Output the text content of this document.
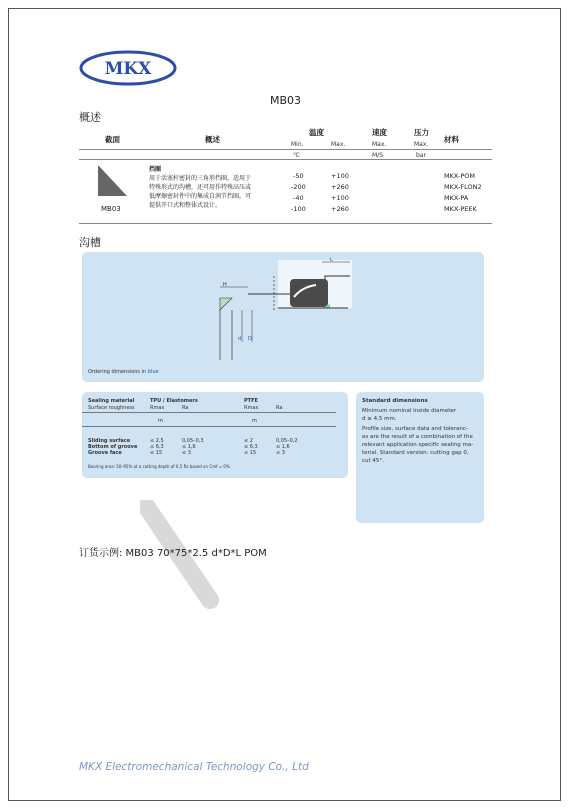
MKX
MB03
概述
截面	概述
温度	速度	压力
材料
Min.	Max.	Max.	Max.
℃	M/S	bar
MB03
挡圈
用于活塞杆密封的三角形挡圈，适用于
特殊形式的沟槽，还可用作特殊高压或
低摩擦密封件中的集成自润节挡圈，可
提供开口式和整体式设计。
-50	+100	MKX-POM
-200	+260	MKX-FLON2
-40	+100	MKX-PA
-100	+260	MKX-PEEK
沟槽
H
L
d D
Ordering dimensions in blue
Sealing material
Surface roughness
TPU / Elastomers	PTFE
Rmax	Ra	Rmax	Ra
m	m
Sliding surface	≤ 2,5	0,05–0,3	≤ 2	0,05–0,2
Bottom of groove	≤ 6,3	≤ 1,6	≤ 6,3	≤ 1,6
Groove face	≤ 15	≤ 3	≤ 15	≤ 3
Bearing area: 50–95% at a cutting depth of 0,5 Rz based on Cref = 0%
Standard dimensions
Minimum nominal inside diameter
d ≥ 4,5 mm.
Profile size, surface data and toleranc-
es are the result of a combination of the
relevant application specific sealing ma-
terial. Standard version: cutting gap 0,
cut 45°.
订货示例: MB03 70*75*2.5 d*D*L POM
MKX Electromechanical Technology Co., Ltd
